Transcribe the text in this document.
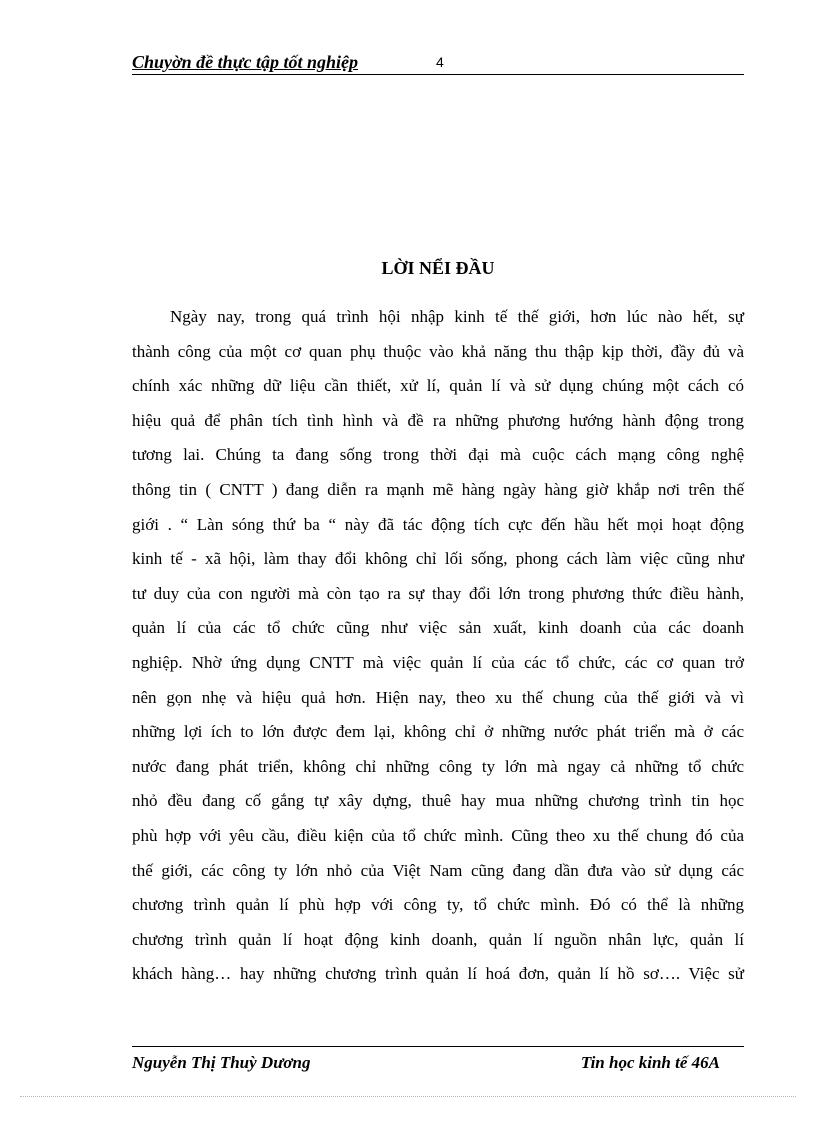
Chuyờn đề thực tập tốt nghiệp	4
LỜI NỂI ĐẦU
Ngày nay, trong quá trình hội nhập kinh tế thế giới, hơn lúc nào hết, sự
thành công của một cơ quan phụ thuộc vào khả năng thu thập kịp thời, đầy đủ và
chính xác những dữ liệu cần thiết, xử lí, quản lí và sử dụng chúng một cách có
hiệu quả để phân tích tình hình và đề ra những phương hướng hành động trong
tương lai. Chúng ta đang sống trong thời đại mà cuộc cách mạng công nghệ
thông tin ( CNTT ) đang diễn ra mạnh mẽ hàng ngày hàng giờ khắp nơi trên thế
giới . “ Làn sóng thứ ba “ này đã tác động tích cực đến hầu hết mọi hoạt động
kinh tế - xã hội, làm thay đổi không chỉ lối sống, phong cách làm việc cũng như
tư duy của con người mà còn tạo ra sự thay đổi lớn trong phương thức điều hành,
quản lí của các tổ chức cũng như việc sản xuất, kinh doanh của các doanh
nghiệp. Nhờ ứng dụng CNTT mà việc quản lí của các tổ chức, các cơ quan trở
nên gọn nhẹ và hiệu quả hơn. Hiện nay, theo xu thế chung của thế giới và vì
những lợi ích to lớn được đem lại, không chỉ ở những nước phát triển mà ở các
nước đang phát triển, không chỉ những công ty lớn mà ngay cả những tổ chức
nhỏ đều đang cố gắng tự xây dựng, thuê hay mua những chương trình tin học
phù hợp với yêu cầu, điều kiện của tổ chức mình. Cũng theo xu thế chung đó của
thế giới, các công ty lớn nhỏ của Việt Nam cũng đang dần đưa vào sử dụng các
chương trình quản lí phù hợp với công ty, tổ chức mình. Đó có thể là những
chương trình quản lí hoạt động kinh doanh, quản lí nguồn nhân lực, quản lí
khách hàng… hay những chương trình quản lí hoá đơn, quản lí hồ sơ…. Việc sử
Nguyễn Thị Thuỳ Dương	Tin học kinh tế 46A
